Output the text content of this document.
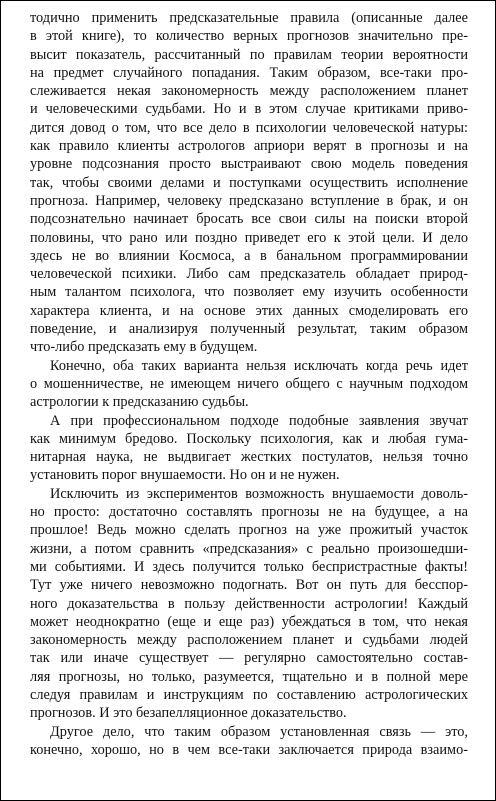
тодично применить предсказательные правила (описанные далее
в этой книге), то количество верных прогнозов значительно пре-
высит показатель, рассчитанный по правилам теории вероятности
на предмет случайного попадания. Таким образом, все-таки про-
слеживается некая закономерность между расположением планет
и человеческими судьбами. Но и в этом случае критиками приво-
дится довод о том, что все дело в психологии человеческой натуры:
как правило клиенты астрологов априори верят в прогнозы и на
уровне подсознания просто выстраивают свою модель поведения
так, чтобы своими делами и поступками осуществить исполнение
прогноза. Например, человеку предсказано вступление в брак, и он
подсознательно начинает бросать все свои силы на поиски второй
половины, что рано или поздно приведет его к этой цели. И дело
здесь не во влиянии Космоса, а в банальном программировании
человеческой психики. Либо сам предсказатель обладает природ-
ным талантом психолога, что позволяет ему изучить особенности
характера клиента, и на основе этих данных смоделировать его
поведение, и анализируя полученный результат, таким образом
что-либо предсказать ему в будущем.
Конечно, оба таких варианта нельзя исключать когда речь идет
о мошенничестве, не имеющем ничего общего с научным подходом
астрологии к предсказанию судьбы.
А при профессиональном подходе подобные заявления звучат
как минимум бредово. Поскольку психология, как и любая гума-
нитарная наука, не выдвигает жестких постулатов, нельзя точно
установить порог внушаемости. Но он и не нужен.
Исключить из экспериментов возможность внушаемости доволь-
но просто: достаточно составлять прогнозы не на будущее, а на
прошлое! Ведь можно сделать прогноз на уже прожитый участок
жизни, а потом сравнить «предсказания» с реально произошедши-
ми событиями. И здесь получится только беспристрастные факты!
Тут уже ничего невозможно подогнать. Вот он путь для бесспор-
ного доказательства в пользу действенности астрологии! Каждый
может неоднократно (еще и еще раз) убеждаться в том, что некая
закономерность между расположением планет и судьбами людей
так или иначе существует — регулярно самостоятельно состав-
ляя прогнозы, но только, разумеется, тщательно и в полной мере
следуя правилам и инструкциям по составлению астрологических
прогнозов. И это безапелляционное доказательство.
Другое дело, что таким образом установленная связь — это,
конечно, хорошо, но в чем все-таки заключается природа взаимо-
